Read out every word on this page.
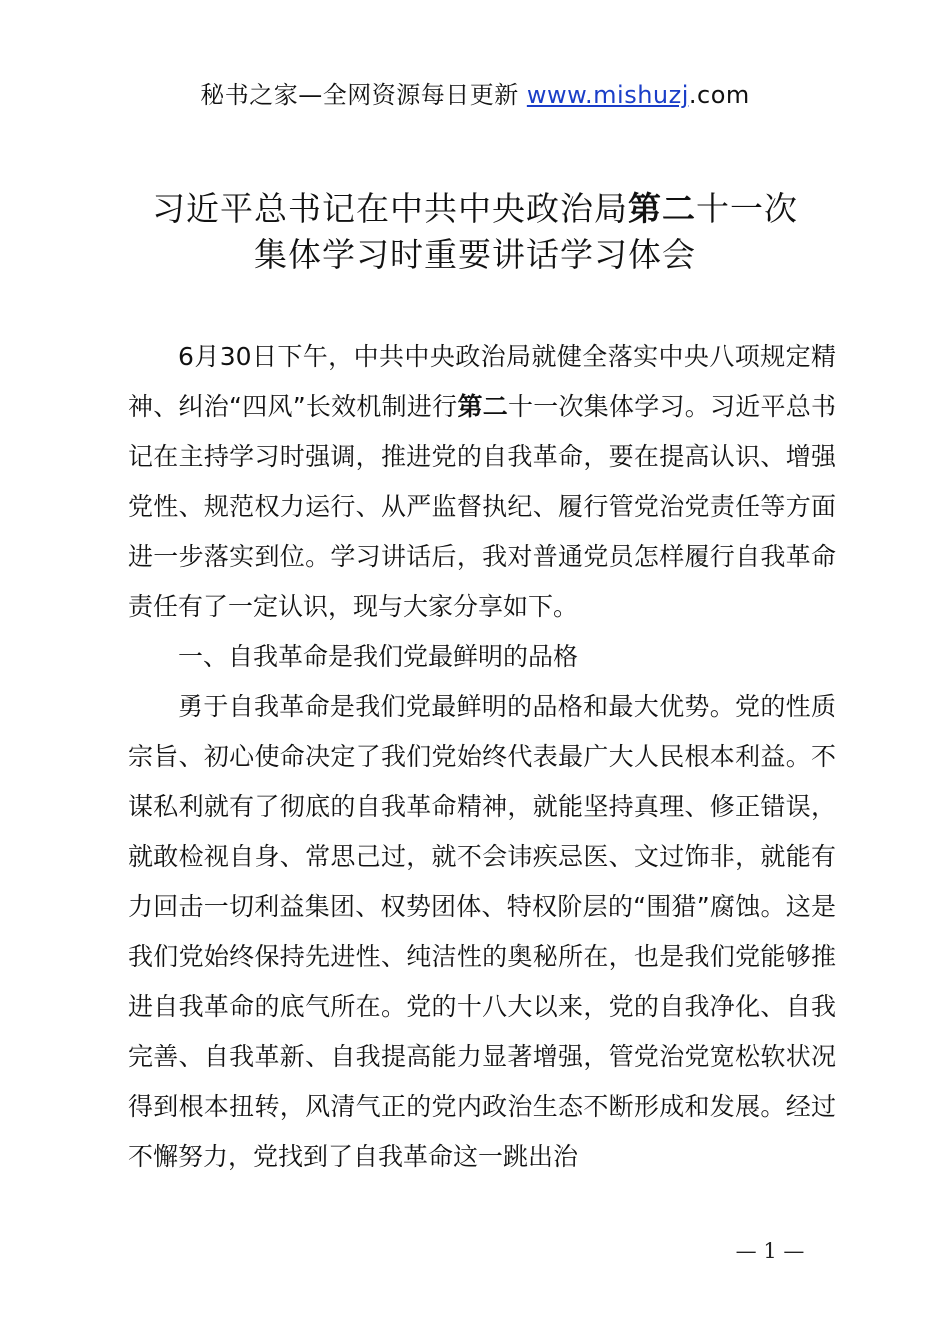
秘书之家—全网资源每日更新 www.mishuzj.com
习近平总书记在中共中央政治局第二十一次
集体学习时重要讲话学习体会

6月30日下午，中共中央政治局就健全落实中央八项规定精神、纠治“四风”长效机制进行第二十一次集体学习。习近平总书记在主持学习时强调，推进党的自我革命，要在提高认识、增强党性、规范权力运行、从严监督执纪、履行管党治党责任等方面进一步落实到位。学习讲话后，我对普通党员怎样履行自我革命责任有了一定认识，现与大家分享如下。

一、自我革命是我们党最鲜明的品格

勇于自我革命是我们党最鲜明的品格和最大优势。党的性质宗旨、初心使命决定了我们党始终代表最广大人民根本利益。不谋私利就有了彻底的自我革命精神，就能坚持真理、修正错误，就敢检视自身、常思己过，就不会讳疾忌医、文过饰非，就能有力回击一切利益集团、权势团体、特权阶层的“围猎”腐蚀。这是我们党始终保持先进性、纯洁性的奥秘所在，也是我们党能够推进自我革命的底气所在。党的十八大以来，党的自我净化、自我完善、自我革新、自我提高能力显著增强，管党治党宽松软状况得到根本扭转，风清气正的党内政治生态不断形成和发展。经过不懈努力，党找到了自我革命这一跳出治

— 1 —
